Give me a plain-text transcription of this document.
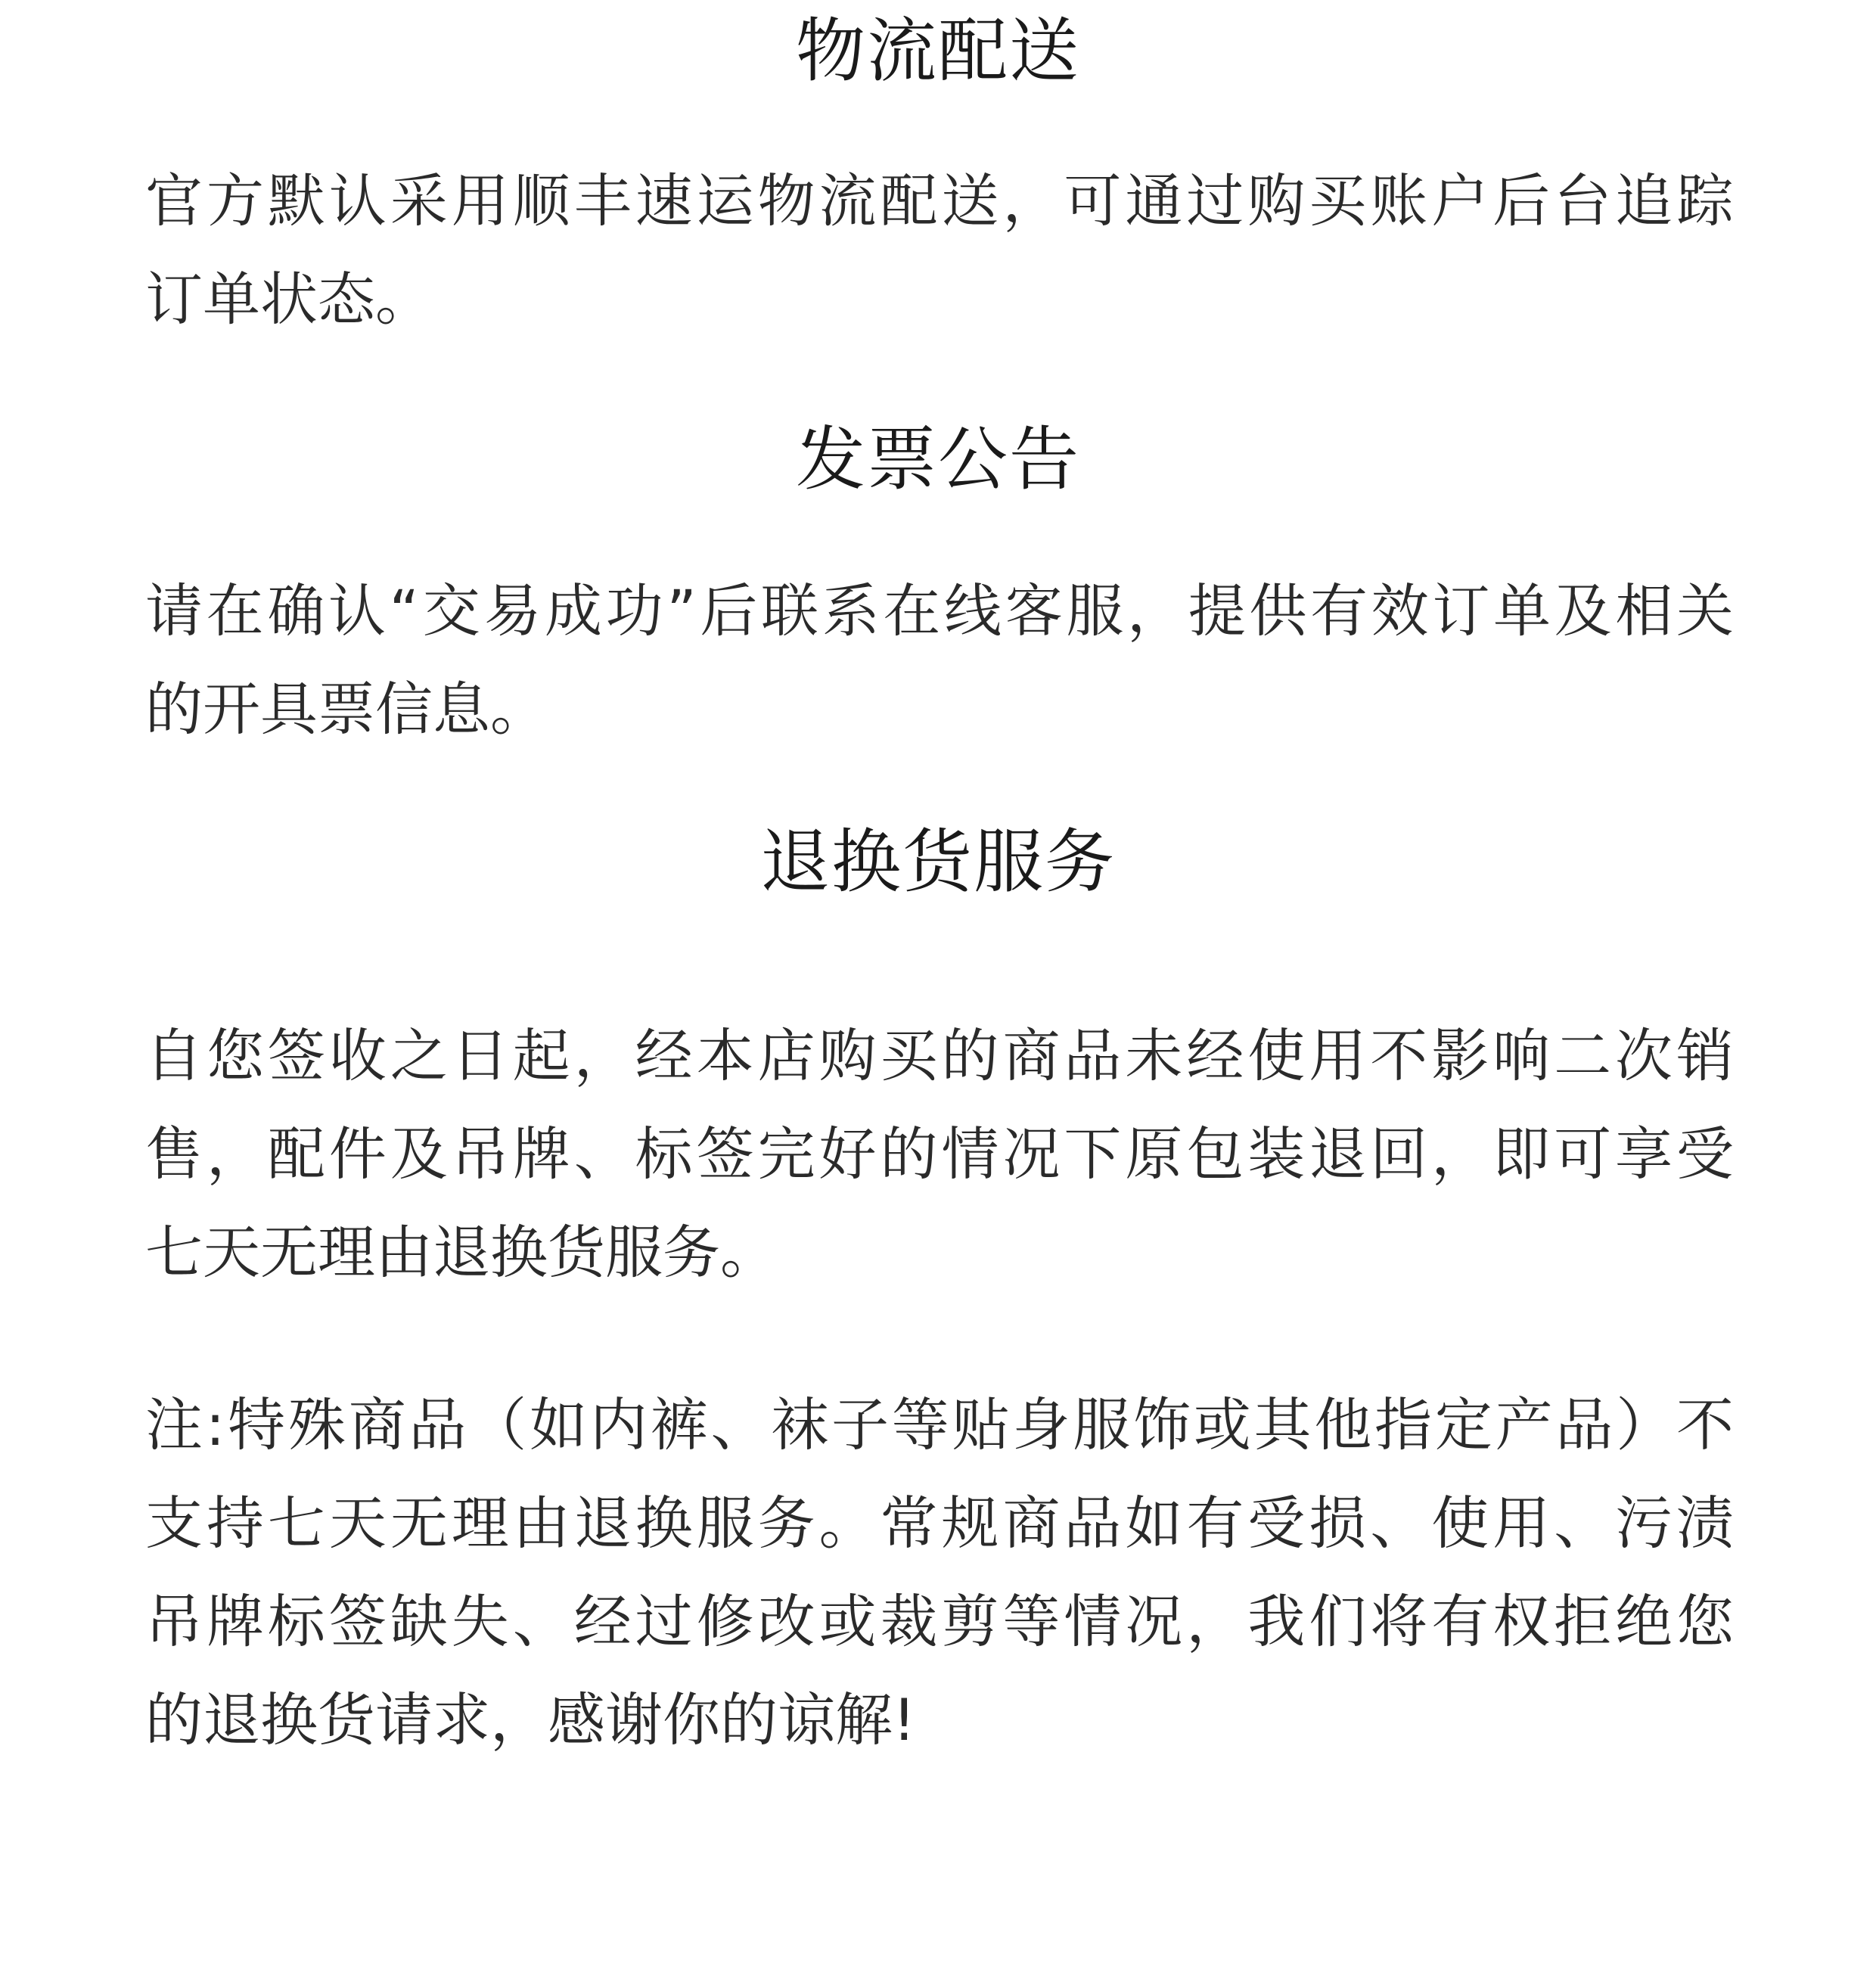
物流配送
官方默认采用顺丰速运物流配送，可通过购买账户后台追踪
订单状态。
发票公告
请在确认“交易成功”后联系在线客服，提供有效订单及相关
的开具票信息。
退换货服务
自您签收之日起，经本店购买的商品未经使用不影响二次销
售，配件及吊牌、标签完好的情况下原包装退回，即可享受
七天无理由退换货服务。
注:特殊商品（如内裤、袜子等贴身服饰或其他指定产品）不
支持七天无理由退换服务。常规商品如有受损、使用、污渍
吊牌标签缺失、经过修改或裁剪等情况，我们将有权拒绝您
的退换货请求，感谢你的谅解!
